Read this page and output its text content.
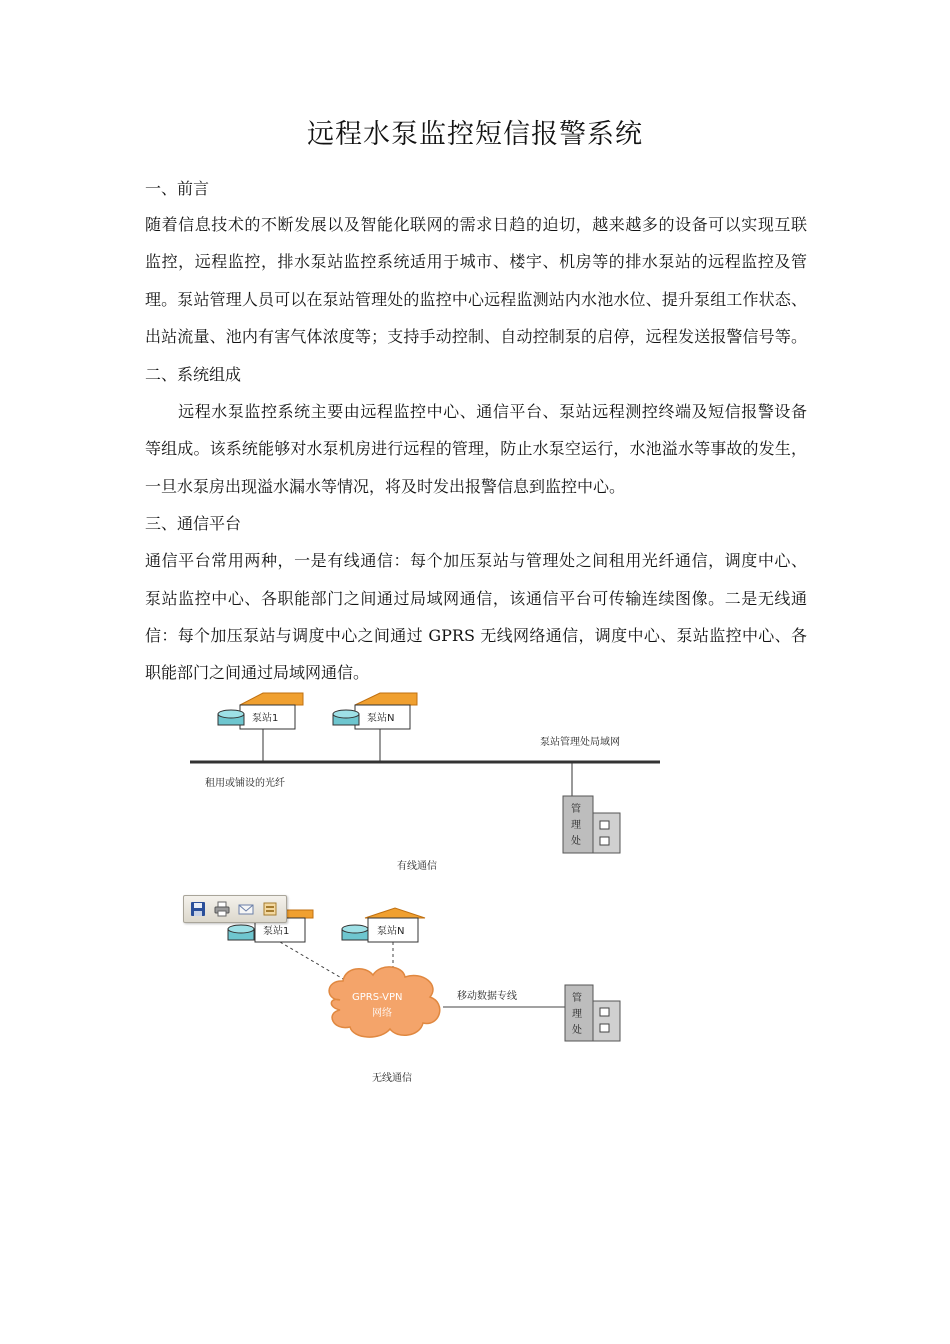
远程水泵监控短信报警系统
一、前言
随着信息技术的不断发展以及智能化联网的需求日趋的迫切，越来越多的设备可以实现互联
监控，远程监控，排水泵站监控系统适用于城市、楼宇、机房等的排水泵站的远程监控及管
理。泵站管理人员可以在泵站管理处的监控中心远程监测站内水池水位、提升泵组工作状态、
出站流量、池内有害气体浓度等；支持手动控制、自动控制泵的启停，远程发送报警信号等。
二、系统组成
　　远程水泵监控系统主要由远程监控中心、通信平台、泵站远程测控终端及短信报警设备
等组成。该系统能够对水泵机房进行远程的管理，防止水泵空运行，水池溢水等事故的发生，
一旦水泵房出现溢水漏水等情况，将及时发出报警信息到监控中心。
三、通信平台
通信平台常用两种，一是有线通信：每个加压泵站与管理处之间租用光纤通信，调度中心、
泵站监控中心、各职能部门之间通过局域网通信，该通信平台可传输连续图像。二是无线通
信：每个加压泵站与调度中心之间通过 GPRS 无线网络通信，调度中心、泵站监控中心、各
职能部门之间通过局域网通信。
泵站1	泵站N
泵站管理处局域网
租用或铺设的光纤
管
理
处
有线通信
泵站1	泵站N
GPRS-VPN
网络
移动数据专线	管
理
处
无线通信
